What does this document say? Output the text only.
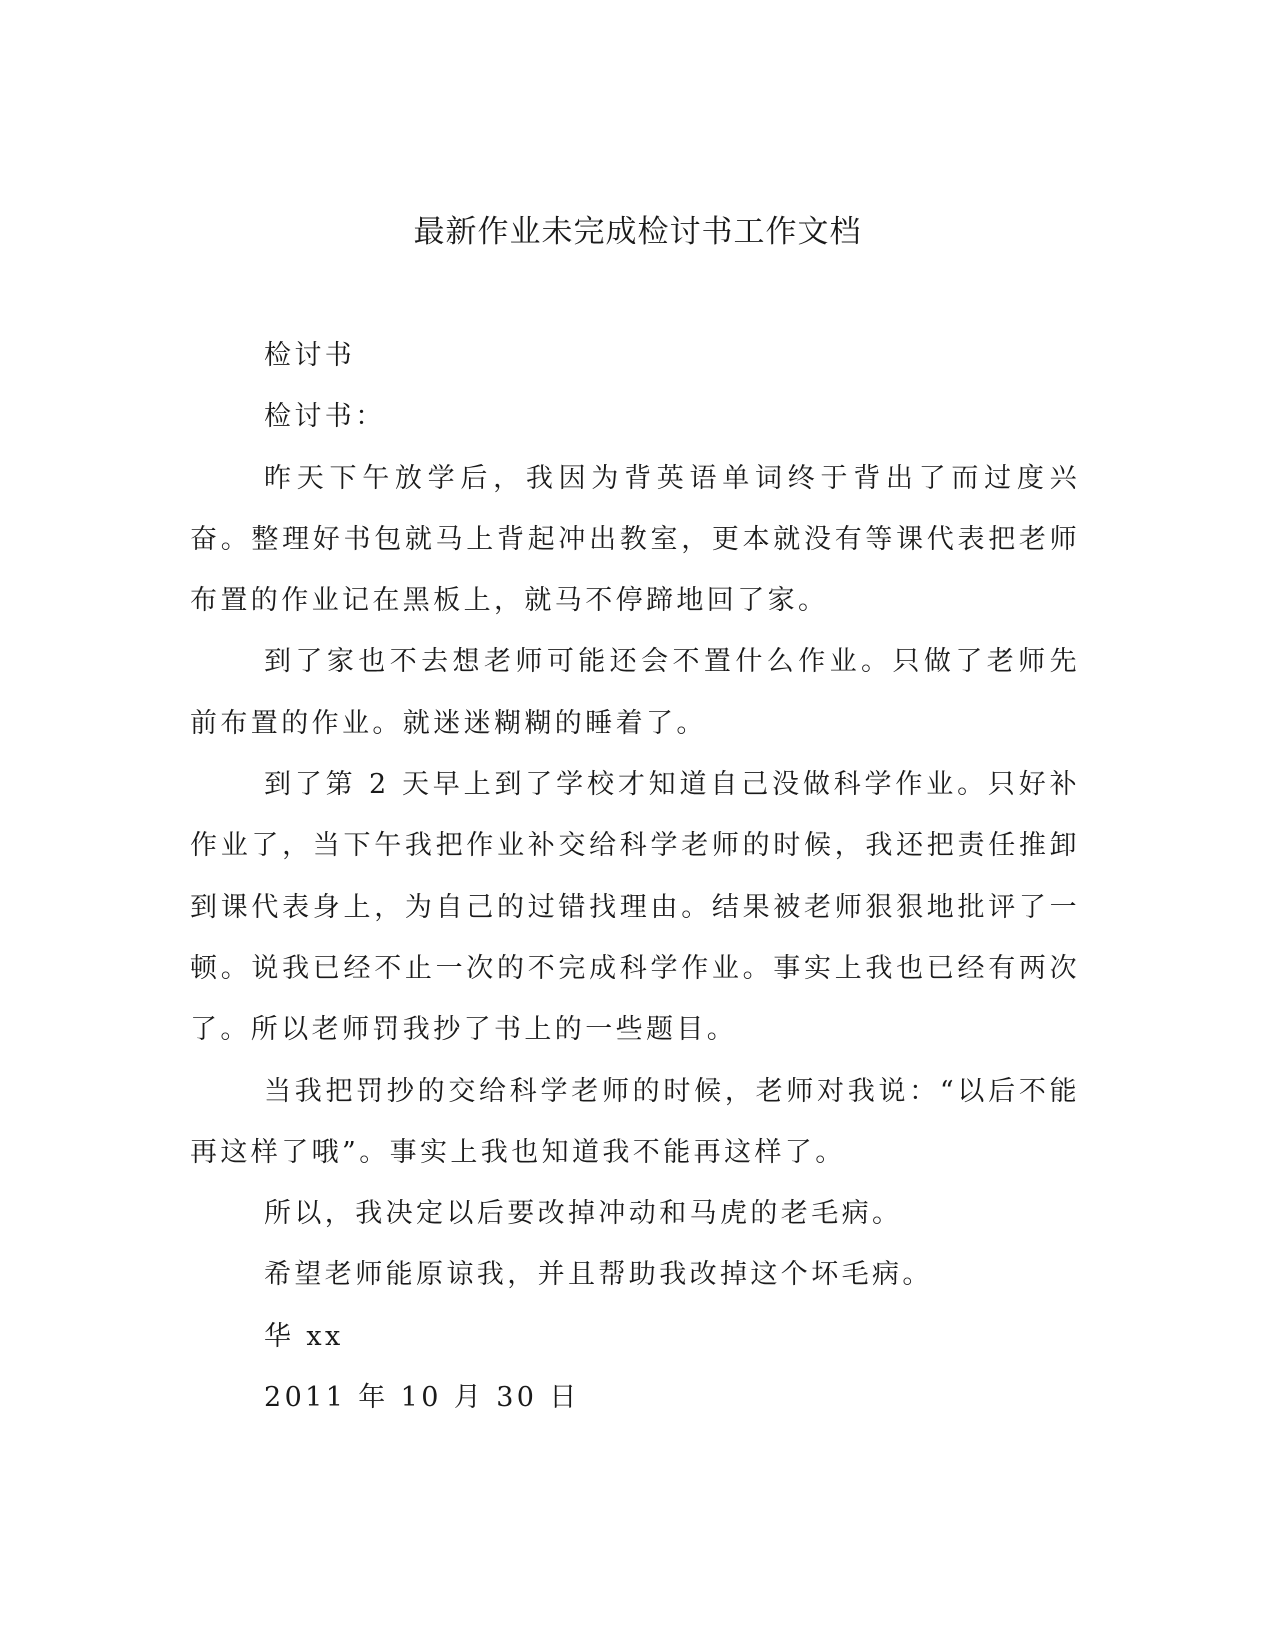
最新作业未完成检讨书工作文档

检讨书

检讨书：

昨天下午放学后，我因为背英语单词终于背出了而过度兴奋。整理好书包就马上背起冲出教室，更本就没有等课代表把老师布置的作业记在黑板上，就马不停蹄地回了家。

到了家也不去想老师可能还会不置什么作业。只做了老师先前布置的作业。就迷迷糊糊的睡着了。

到了第 2 天早上到了学校才知道自己没做科学作业。只好补作业了，当下午我把作业补交给科学老师的时候，我还把责任推卸到课代表身上，为自己的过错找理由。结果被老师狠狠地批评了一顿。说我已经不止一次的不完成科学作业。事实上我也已经有两次了。所以老师罚我抄了书上的一些题目。

当我把罚抄的交给科学老师的时候，老师对我说：“以后不能再这样了哦”。事实上我也知道我不能再这样了。

所以，我决定以后要改掉冲动和马虎的老毛病。

希望老师能原谅我，并且帮助我改掉这个坏毛病。

华 xx

2011 年 10 月 30 日
